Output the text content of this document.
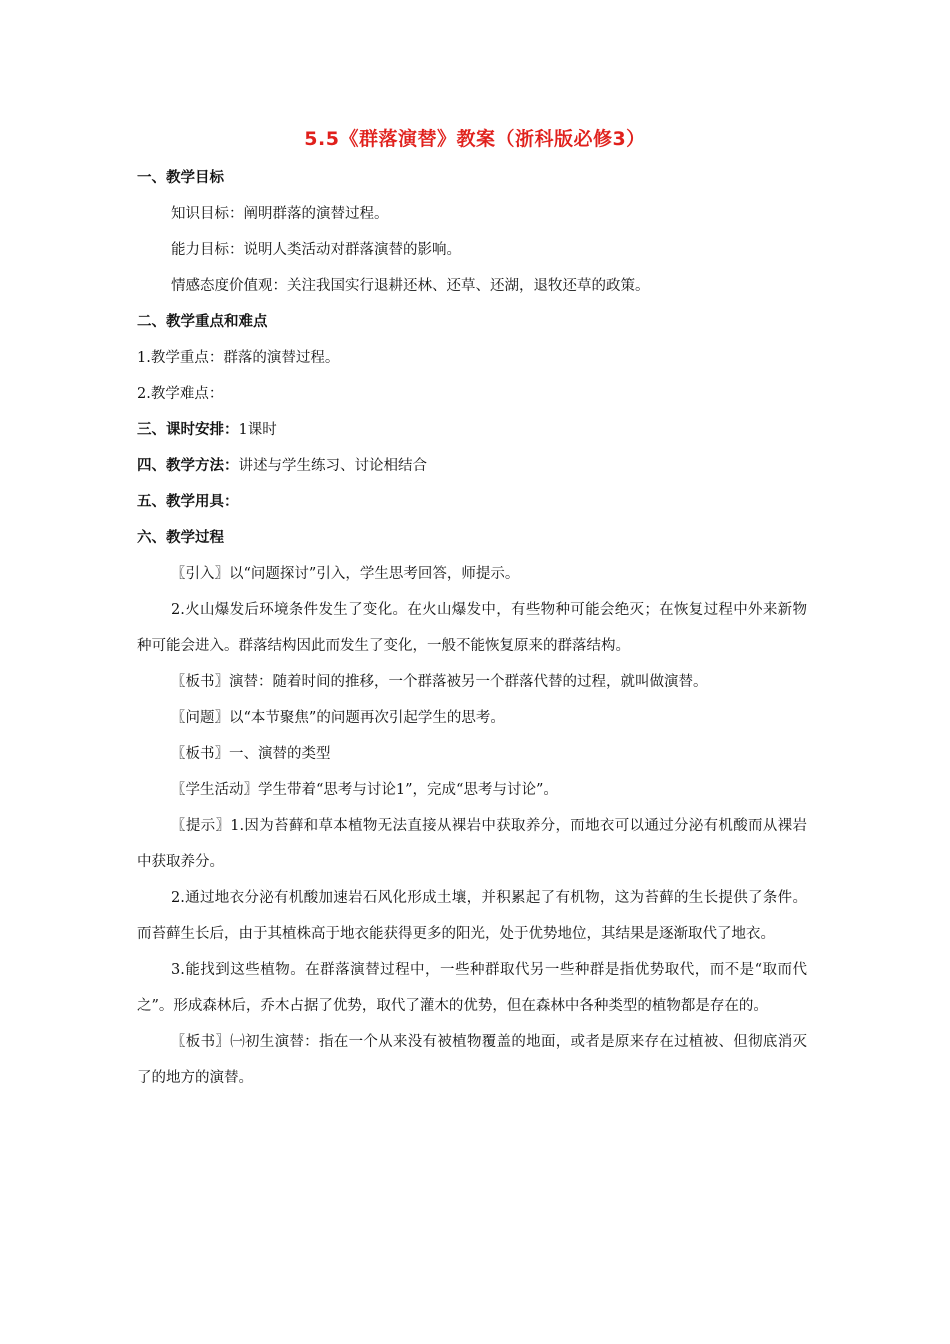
5.5《群落演替》教案（浙科版必修3）
一、教学目标

知识目标：阐明群落的演替过程。

能力目标：说明人类活动对群落演替的影响。

情感态度价值观：关注我国实行退耕还林、还草、还湖，退牧还草的政策。

二、教学重点和难点

1.教学重点：群落的演替过程。

2.教学难点：

三、课时安排： 1课时
四、教学方法： 讲述与学生练习、讨论相结合
五、教学用具：
六、教学过程

〖引入〗以“问题探讨”引入，学生思考回答，师提示。

2.火山爆发后环境条件发生了变化。在火山爆发中，有些物种可能会绝灭；在恢复过程中外来新物种可能会进入。群落结构因此而发生了变化，一般不能恢复原来的群落结构。

〖板书〗演替：随着时间的推移，一个群落被另一个群落代替的过程，就叫做演替。

〖问题〗以“本节聚焦”的问题再次引起学生的思考。

〖板书〗一、演替的类型

〖学生活动〗学生带着“思考与讨论1”，完成“思考与讨论”。

〖提示〗1.因为苔藓和草本植物无法直接从裸岩中获取养分，而地衣可以通过分泌有机酸而从裸岩中获取养分。

2.通过地衣分泌有机酸加速岩石风化形成土壤，并积累起了有机物，这为苔藓的生长提供了条件。而苔藓生长后，由于其植株高于地衣能获得更多的阳光，处于优势地位，其结果是逐渐取代了地衣。

3.能找到这些植物。在群落演替过程中，一些种群取代另一些种群是指优势取代，而不是“取而代之”。形成森林后，乔木占据了优势，取代了灌木的优势，但在森林中各种类型的植物都是存在的。

〖板书〗㈠初生演替：指在一个从来没有被植物覆盖的地面，或者是原来存在过植被、但彻底消灭了的地方的演替。
